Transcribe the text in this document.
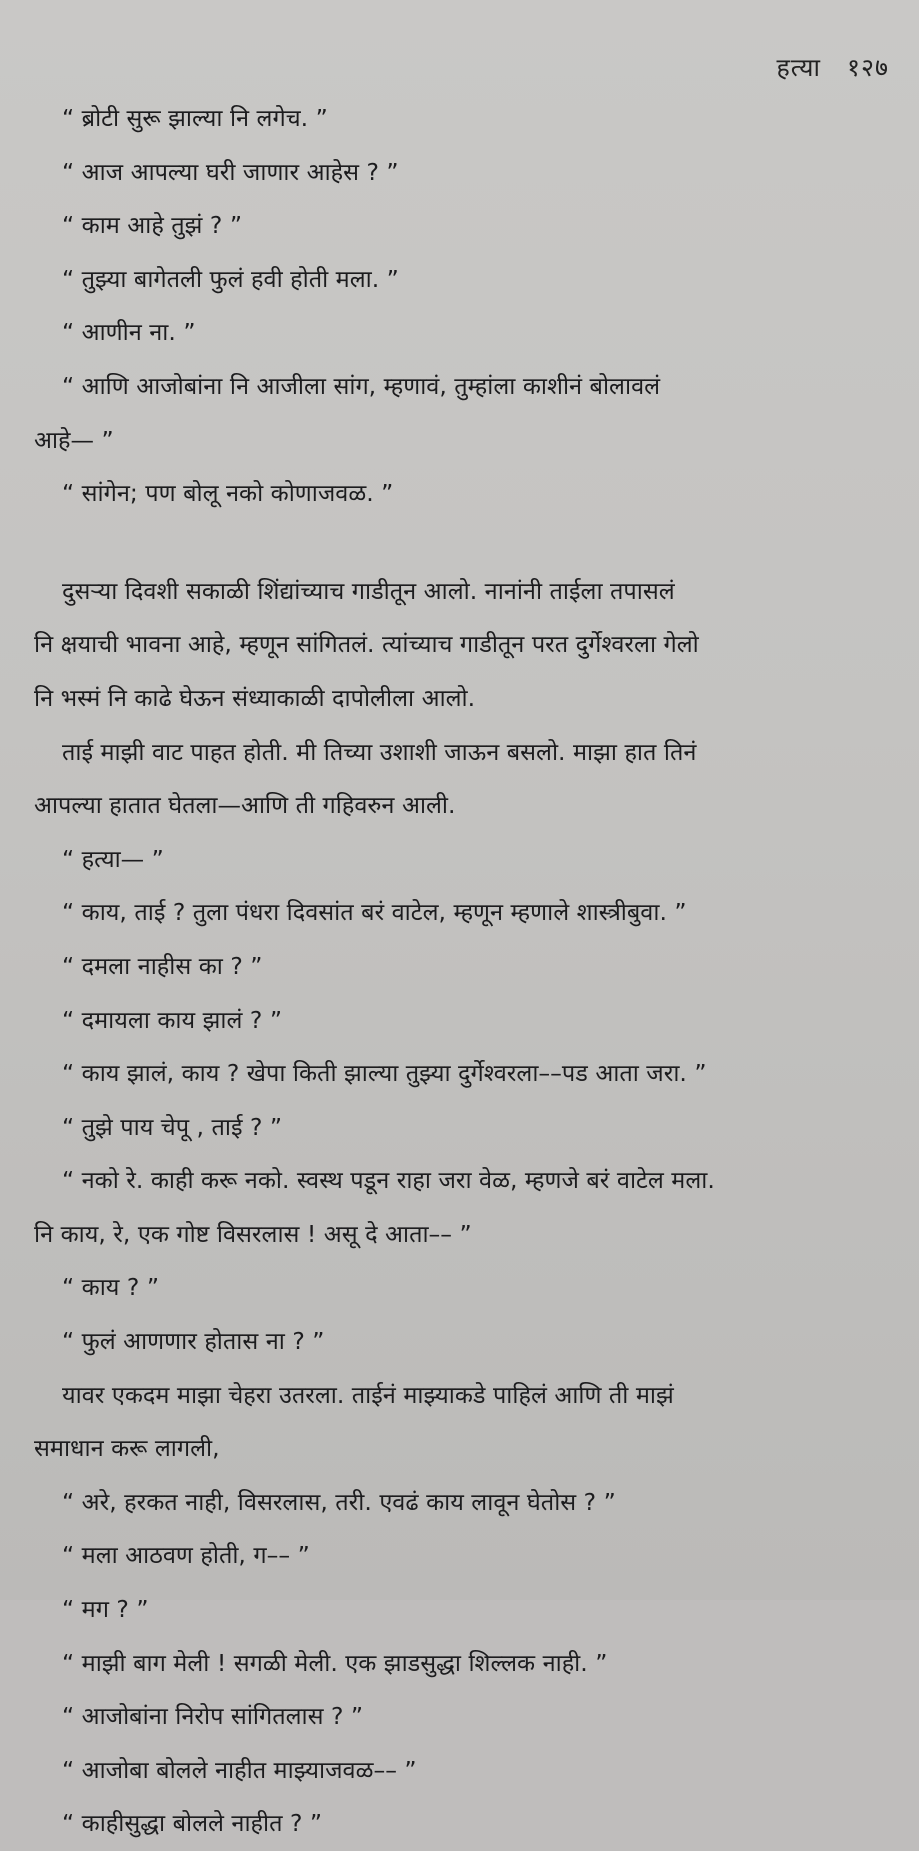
हत्या १२७
“ ब्रोटी सुरू झाल्या नि लगेच. ”
“ आज आपल्या घरी जाणार आहेस ? ”
“ काम आहे तुझं ? ”
“ तुझ्या बागेतली फुलं हवी होती मला. ”
“ आणीन ना. ”
“ आणि आजोबांना नि आजीला सांग, म्हणावं, तुम्हांला काशीनं बोलावलं
आहे— ”
“ सांगेन; पण बोलू नको कोणाजवळ. ”
दुसऱ्या दिवशी सकाळी शिंद्यांच्याच गाडीतून आलो. नानांनी ताईला तपासलं
नि क्षयाची भावना आहे, म्हणून सांगितलं. त्यांच्याच गाडीतून परत दुर्गेश्वरला गेलो
नि भस्मं नि काढे घेऊन संध्याकाळी दापोलीला आलो.
ताई माझी वाट पाहत होती. मी तिच्या उशाशी जाऊन बसलो. माझा हात तिनं
आपल्या हातात घेतला—आणि ती गहिवरुन आली.
“ हत्या— ”
“ काय, ताई ? तुला पंधरा दिवसांत बरं वाटेल, म्हणून म्हणाले शास्त्रीबुवा. ”
“ दमला नाहीस का ? ”
“ दमायला काय झालं ? ”
“ काय झालं, काय ? खेपा किती झाल्या तुझ्या दुर्गेश्वरला––पड आता जरा. ”
“ तुझे पाय चेपू , ताई ? ”
“ नको रे. काही करू नको. स्वस्थ पडून राहा जरा वेळ, म्हणजे बरं वाटेल मला.
नि काय, रे, एक गोष्ट विसरलास ! असू दे आता–– ”
“ काय ? ”
“ फुलं आणणार होतास ना ? ”
यावर एकदम माझा चेहरा उतरला. ताईनं माझ्याकडे पाहिलं आणि ती माझं
समाधान करू लागली,
“ अरे, हरकत नाही, विसरलास, तरी. एवढं काय लावून घेतोस ? ”
“ मला आठवण होती, ग–– ”
“ मग ? ”
“ माझी बाग मेली ! सगळी मेली. एक झाडसुद्धा शिल्लक नाही. ”
“ आजोबांना निरोप सांगितलास ? ”
“ आजोबा बोलले नाहीत माझ्याजवळ–– ”
“ काहीसुद्धा बोलले नाहीत ? ”
